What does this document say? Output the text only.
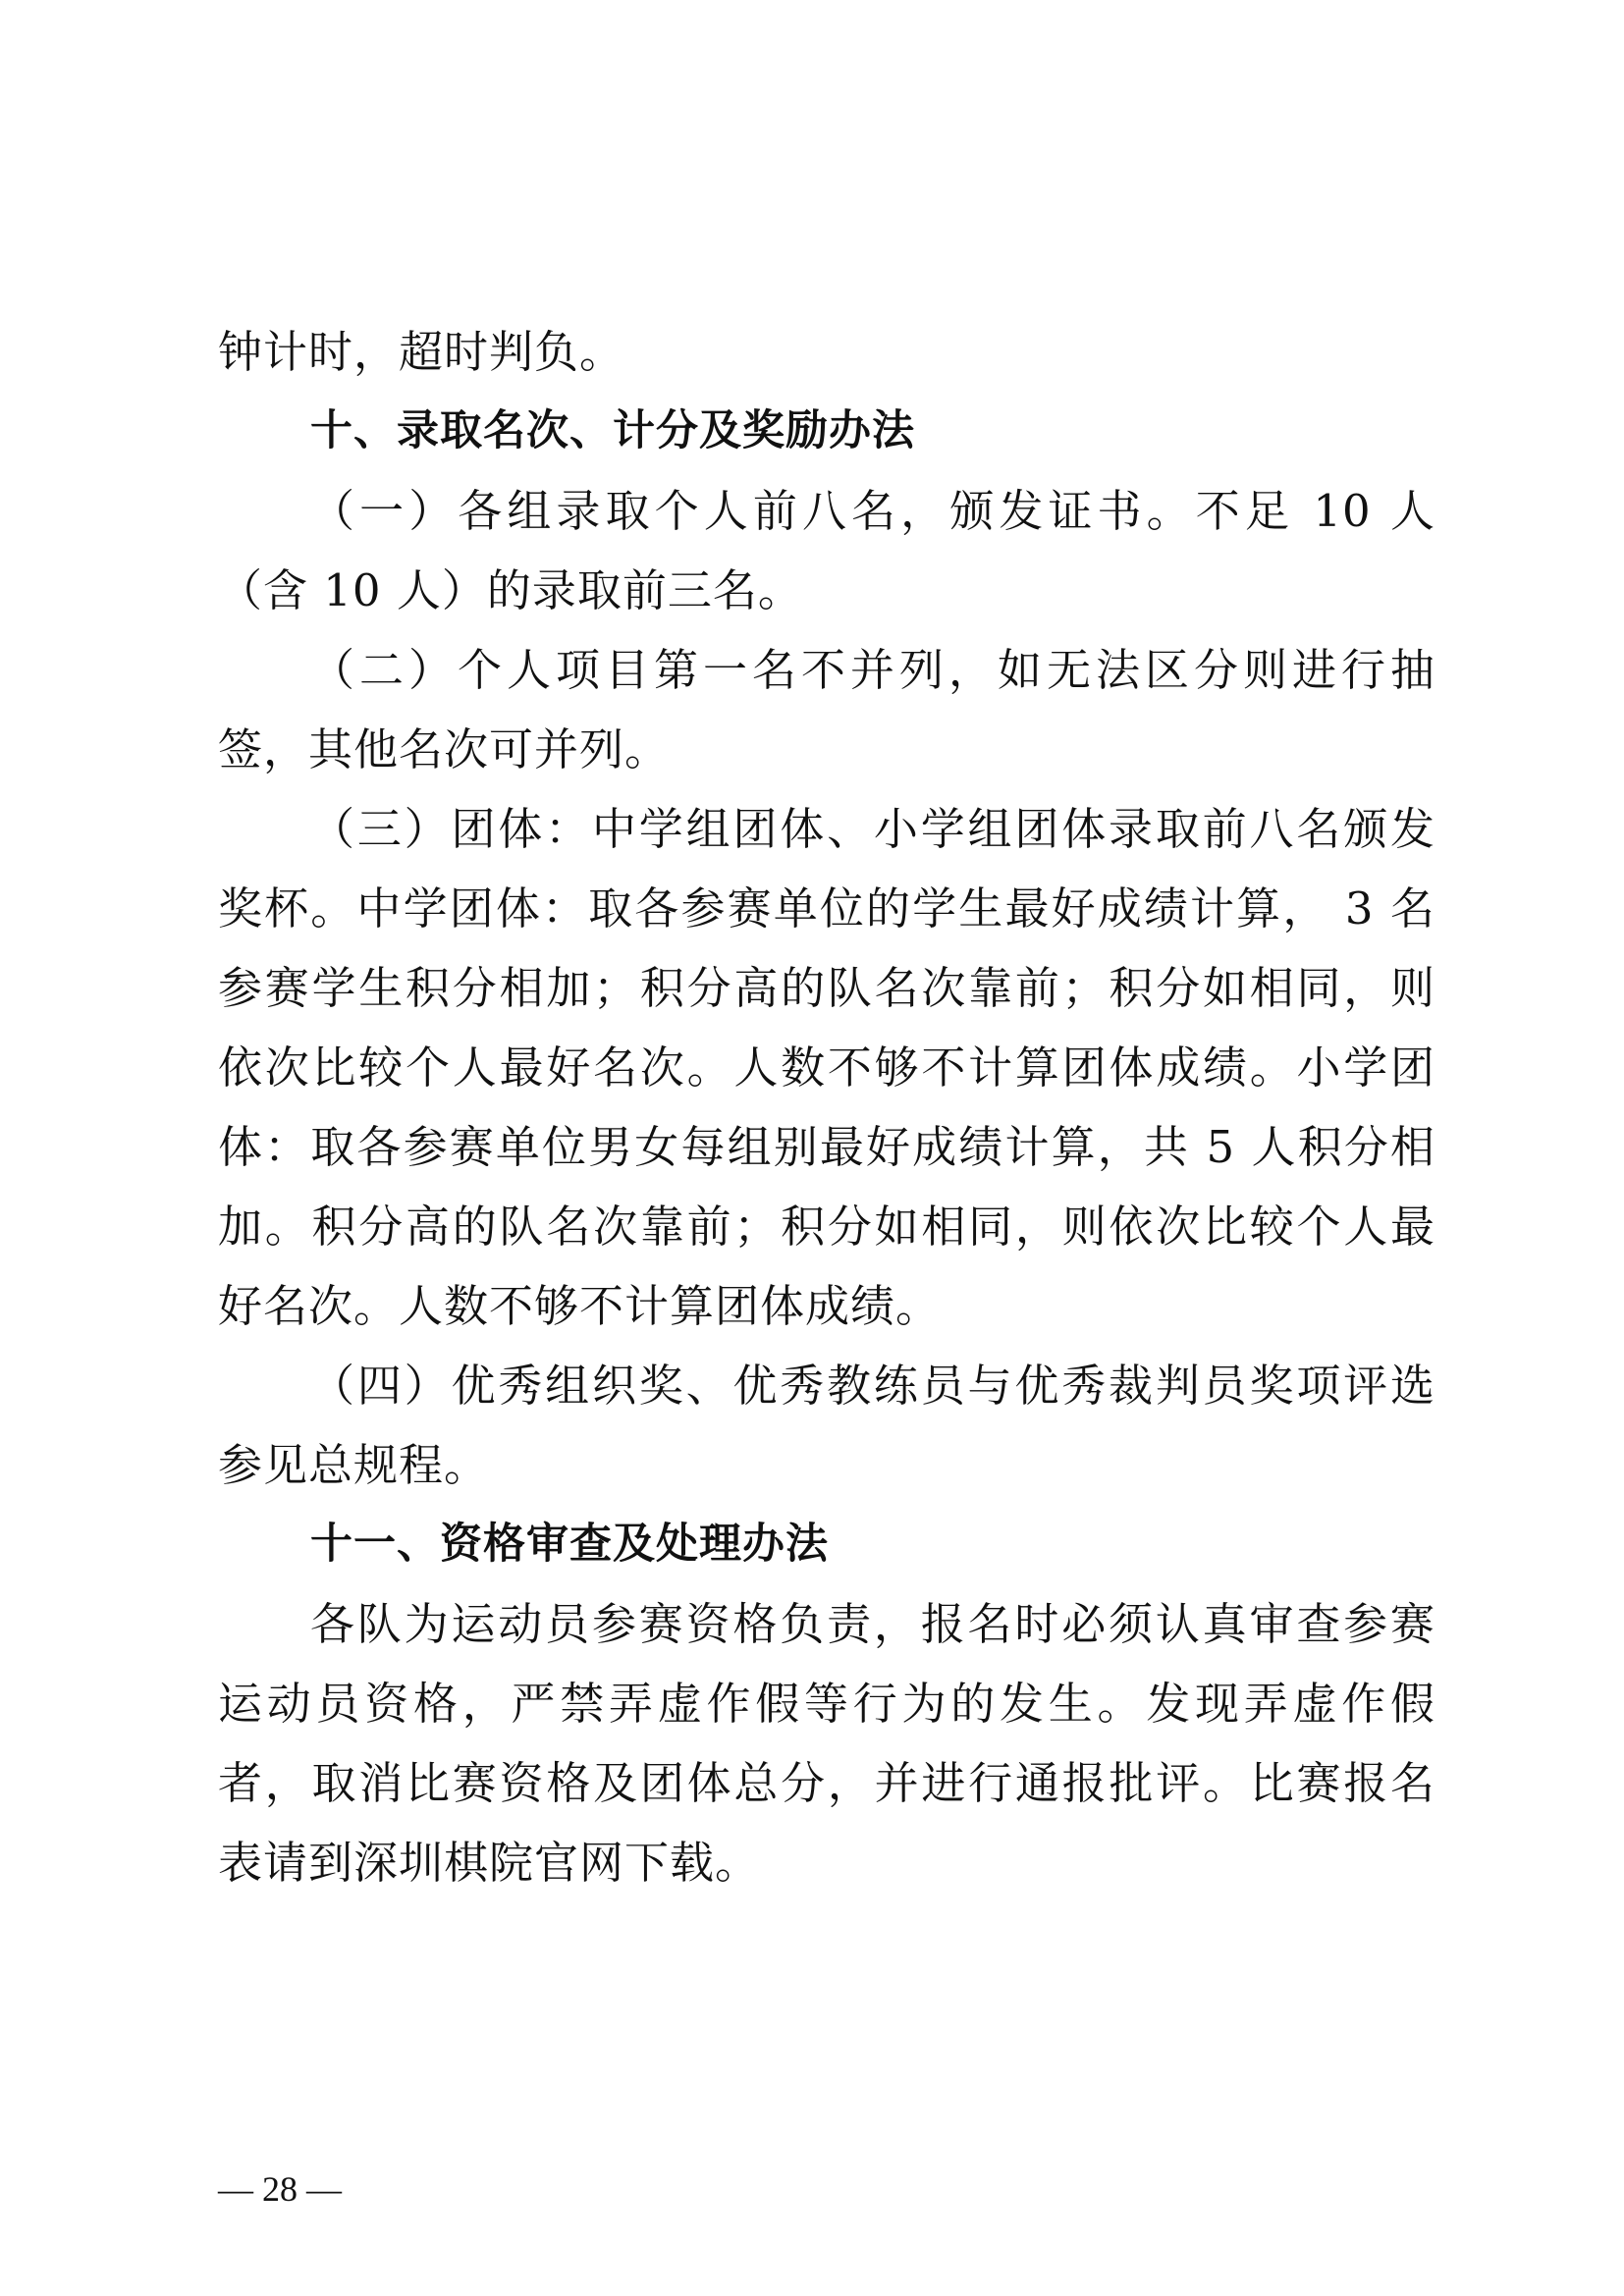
钟计时，超时判负。

十、录取名次、计分及奖励办法

（一）各组录取个人前八名，颁发证书。不足 10 人（含 10 人）的录取前三名。

（二）个人项目第一名不并列，如无法区分则进行抽签，其他名次可并列。

（三）团体：中学组团体、小学组团体录取前八名颁发奖杯。中学团体：取各参赛单位的学生最好成绩计算， 3 名参赛学生积分相加；积分高的队名次靠前；积分如相同，则依次比较个人最好名次。人数不够不计算团体成绩。小学团体：取各参赛单位男女每组别最好成绩计算，共 5 人积分相加。积分高的队名次靠前；积分如相同，则依次比较个人最好名次。人数不够不计算团体成绩。

（四）优秀组织奖、优秀教练员与优秀裁判员奖项评选参见总规程。

十一、资格审查及处理办法

各队为运动员参赛资格负责，报名时必须认真审查参赛运动员资格，严禁弄虚作假等行为的发生。发现弄虚作假者，取消比赛资格及团体总分，并进行通报批评。比赛报名表请到深圳棋院官网下载。

— 28 —
